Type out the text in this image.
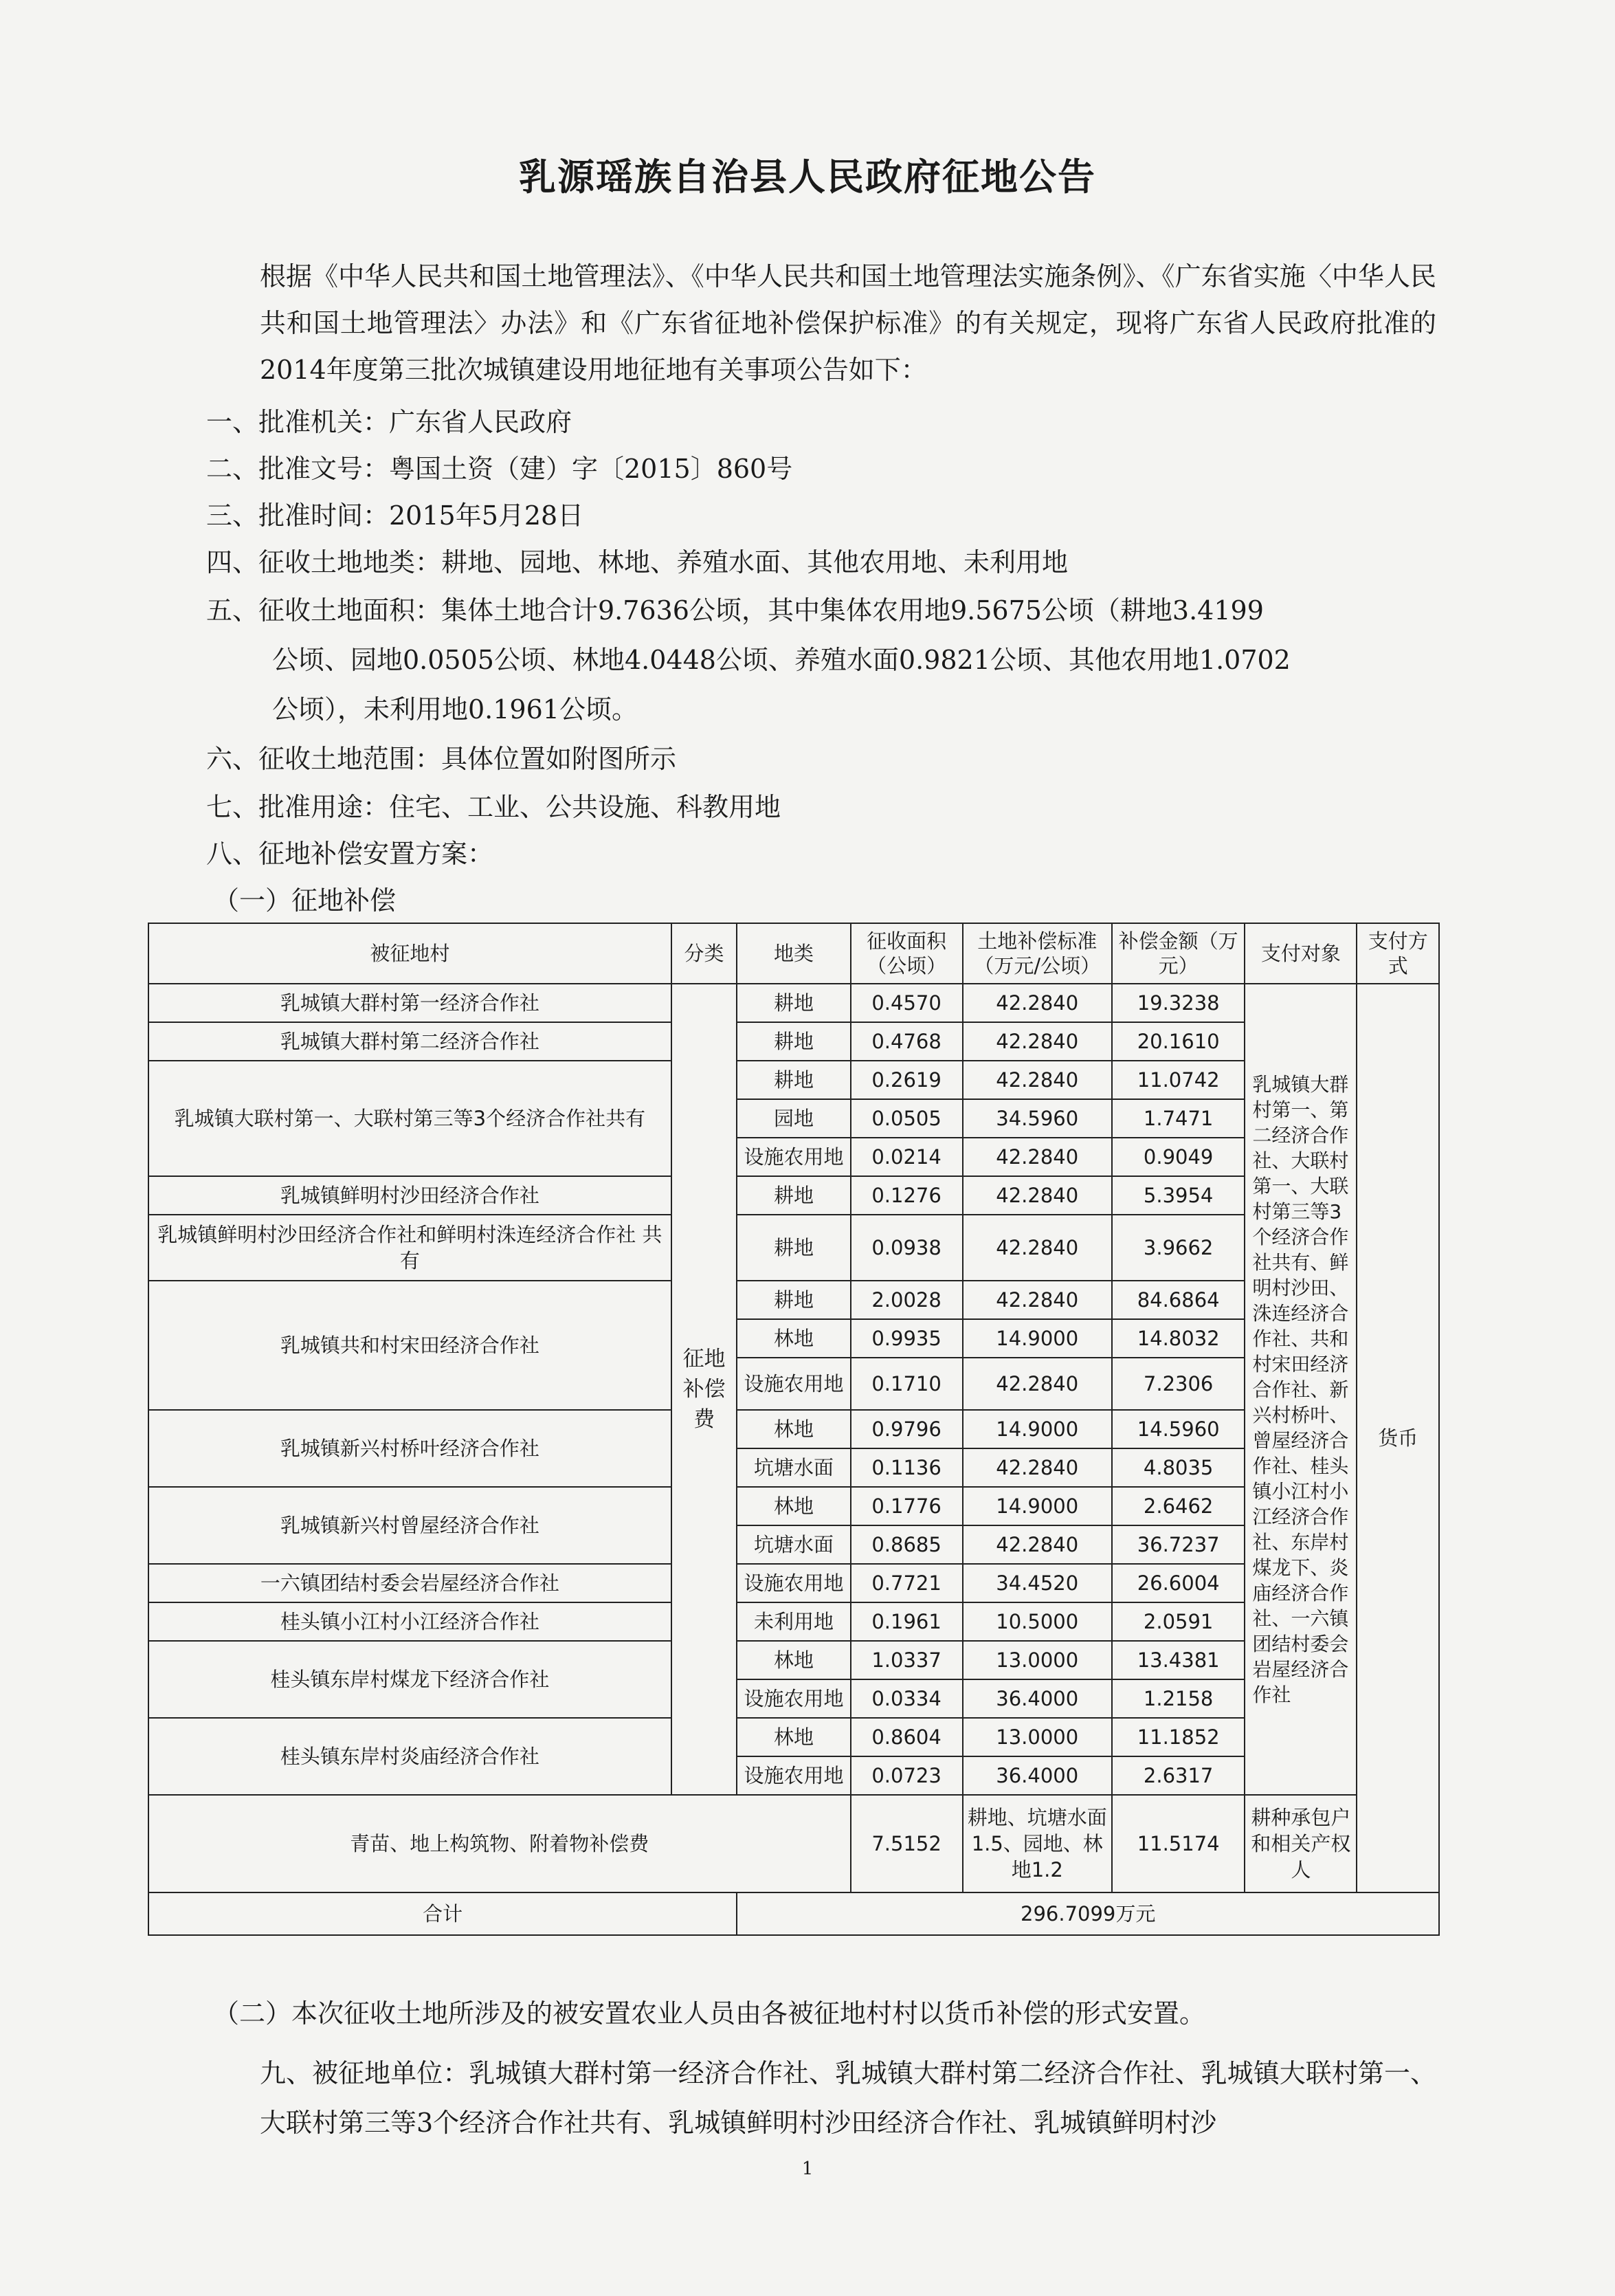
乳源瑶族自治县人民政府征地公告
根据《中华人民共和国土地管理法》、《中华人民共和国土地管理法实施条例》、《广东省实施〈中华人民共和国土地管理法〉办法》和《广东省征地补偿保护标准》的有关规定，现将广东省人民政府批准的2014年度第三批次城镇建设用地征地有关事项公告如下：
一、批准机关：广东省人民政府
二、批准文号：粤国土资（建）字〔2015〕860号
三、批准时间：2015年5月28日
四、征收土地地类：耕地、园地、林地、养殖水面、其他农用地、未利用地
五、征收土地面积：集体土地合计9.7636公顷，其中集体农用地9.5675公顷（耕地3.4199
公顷、园地0.0505公顷、林地4.0448公顷、养殖水面0.9821公顷、其他农用地1.0702
公顷），未利用地0.1961公顷。
六、征收土地范围：具体位置如附图所示
七、批准用途：住宅、工业、公共设施、科教用地
八、征地补偿安置方案：
（一）征地补偿
被征地村	分类	地类	征收面积（公顷）	土地补偿标准（万元/公顷）	补偿金额（万元）	支付对象	支付方式
乳城镇大群村第一经济合作社	征地补偿费	耕地	0.4570	42.2840	19.3238	乳城镇大群村第一、第二经济合作社、大联村第一、大联村第三等3个经济合作社共有、鲜明村沙田、洙连经济合作社、共和村宋田经济合作社、新兴村桥叶、曾屋经济合作社、桂头镇小江村小江经济合作社、东岸村煤龙下、炎庙经济合作社、一六镇团结村委会岩屋经济合作社	货币
乳城镇大群村第二经济合作社		耕地	0.4768	42.2840	20.1610		
乳城镇大联村第一、大联村第三等3个经济合作社共有		耕地	0.2619	42.2840	11.0742		
		园地	0.0505	34.5960	1.7471		
		设施农用地	0.0214	42.2840	0.9049		
乳城镇鲜明村沙田经济合作社		耕地	0.1276	42.2840	5.3954		
乳城镇鲜明村沙田经济合作社和鲜明村洙连经济合作社 共有		耕地	0.0938	42.2840	3.9662		
乳城镇共和村宋田经济合作社		耕地	2.0028	42.2840	84.6864		
		林地	0.9935	14.9000	14.8032		
		设施农用地	0.1710	42.2840	7.2306		
乳城镇新兴村桥叶经济合作社		林地	0.9796	14.9000	14.5960		
		坑塘水面	0.1136	42.2840	4.8035		
乳城镇新兴村曾屋经济合作社		林地	0.1776	14.9000	2.6462		
		坑塘水面	0.8685	42.2840	36.7237		
一六镇团结村委会岩屋经济合作社		设施农用地	0.7721	34.4520	26.6004		
桂头镇小江村小江经济合作社		未利用地	0.1961	10.5000	2.0591		
桂头镇东岸村煤龙下经济合作社		林地	1.0337	13.0000	13.4381		
		设施农用地	0.0334	36.4000	1.2158		
桂头镇东岸村炎庙经济合作社		林地	0.8604	13.0000	11.1852		
		设施农用地	0.0723	36.4000	2.6317		
青苗、地上构筑物、附着物补偿费			7.5152	耕地、坑塘水面1.5、园地、林地1.2	11.5174	耕种承包户和相关产权人	
合计		296.7099万元					
（二）本次征收土地所涉及的被安置农业人员由各被征地村村以货币补偿的形式安置。
九、被征地单位：乳城镇大群村第一经济合作社、乳城镇大群村第二经济合作社、乳城镇大联村第一、大联村第三等3个经济合作社共有、乳城镇鲜明村沙田经济合作社、乳城镇鲜明村沙
1
